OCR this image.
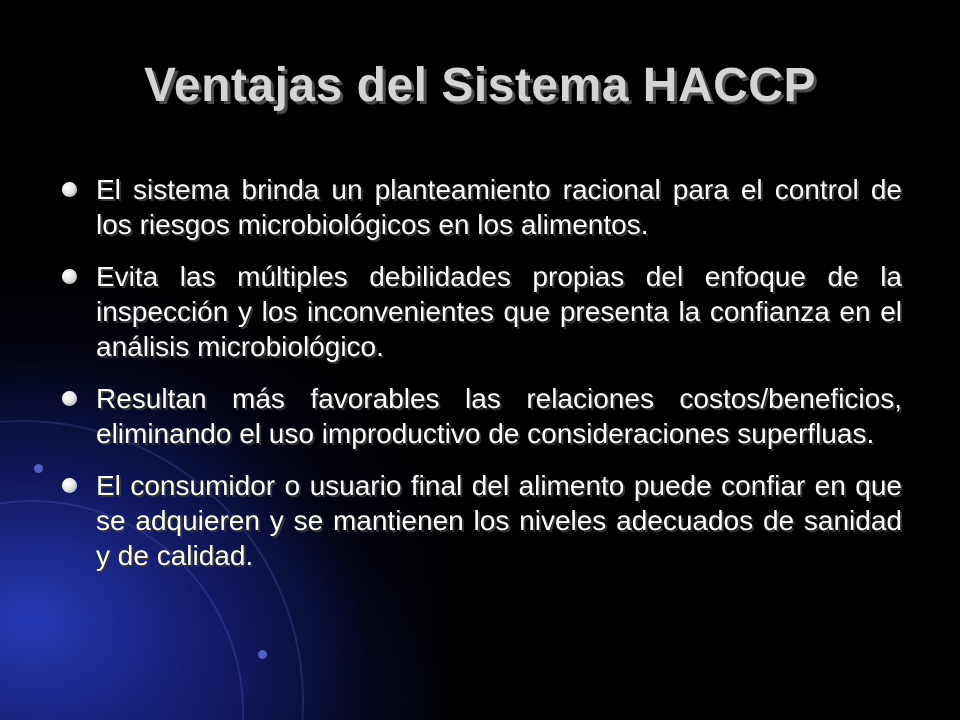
Ventajas del Sistema HACCP
El sistema brinda un planteamiento racional para el control de los riesgos microbiológicos en los alimentos.
Evita las múltiples debilidades propias del enfoque de la inspección y los inconvenientes que presenta la confianza en el análisis microbiológico.
Resultan más favorables las relaciones costos/beneficios, eliminando el uso improductivo de consideraciones superfluas.
El consumidor o usuario final del alimento puede confiar en que se adquieren y se mantienen los niveles adecuados de sanidad y de calidad.
